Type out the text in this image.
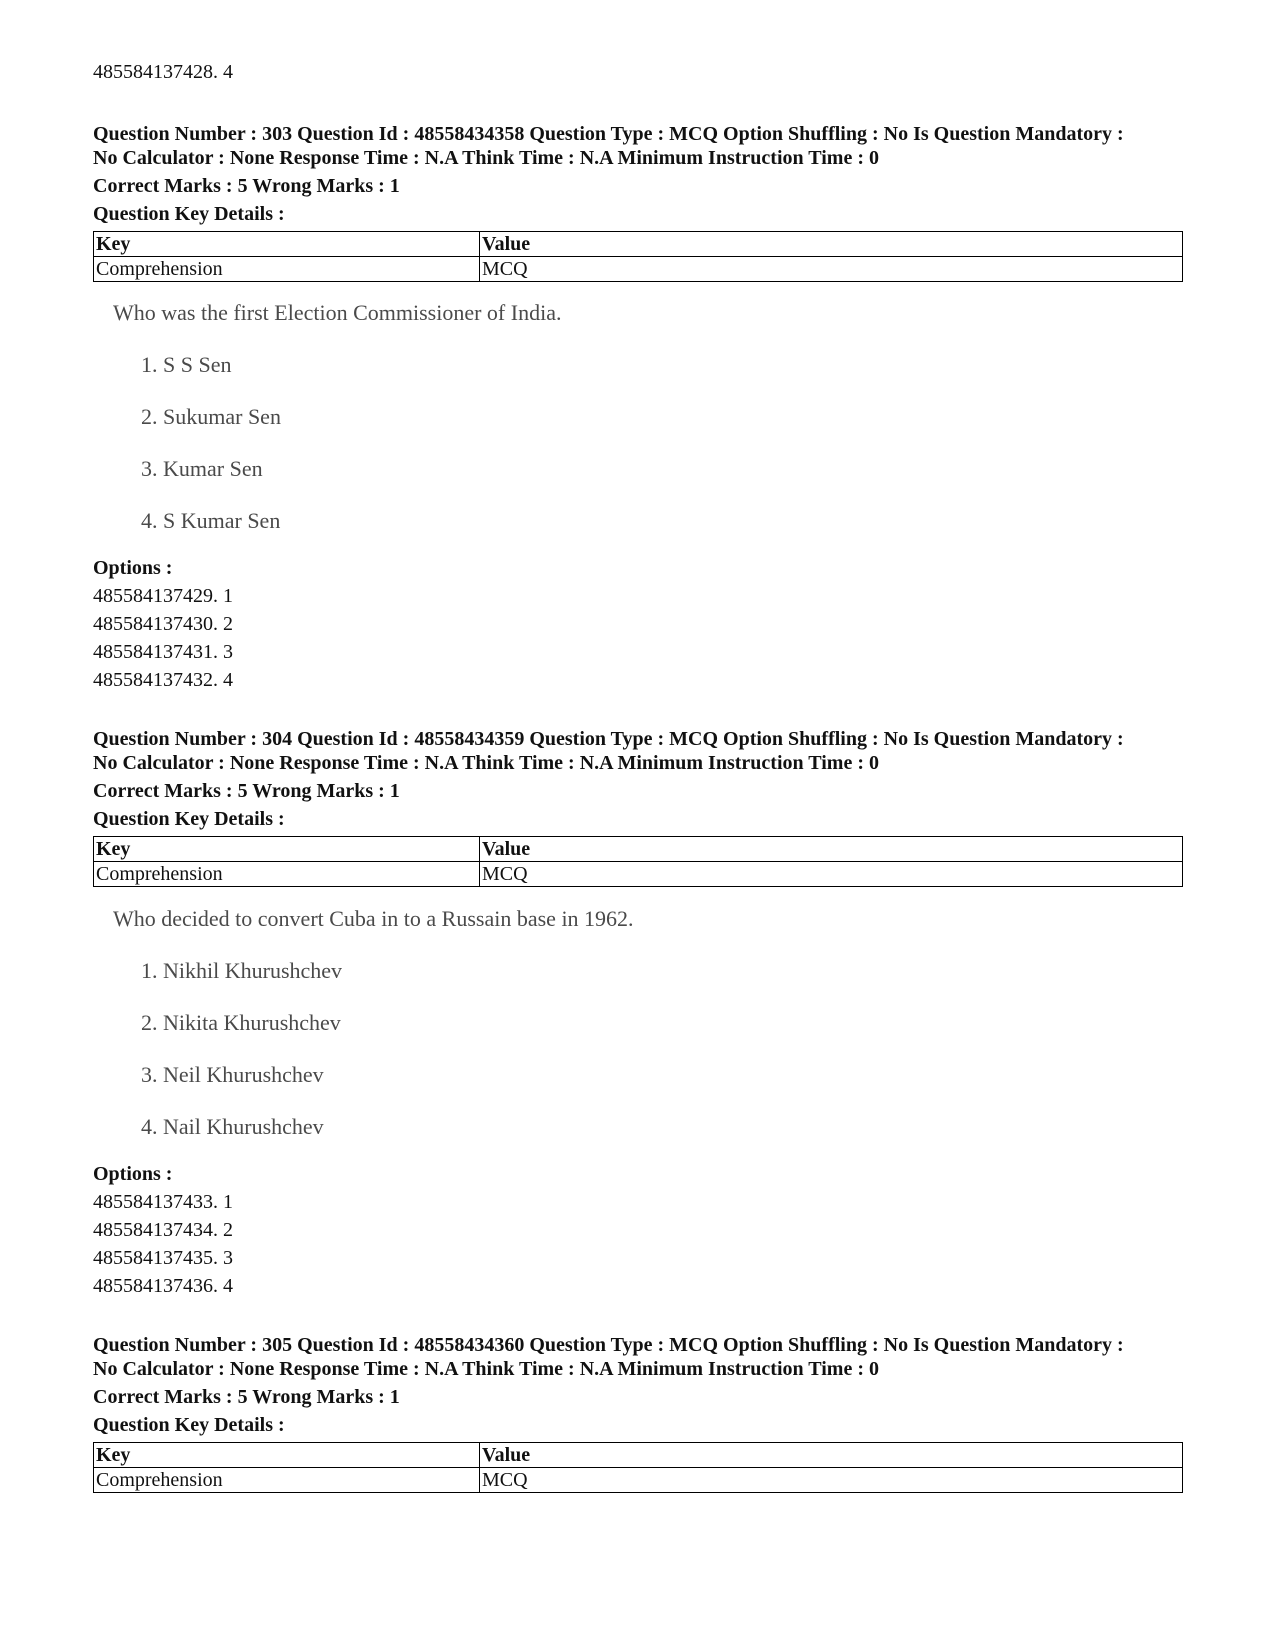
485584137428. 4
Question Number : 303 Question Id : 48558434358 Question Type : MCQ Option Shuffling : No Is Question Mandatory :
No Calculator : None Response Time : N.A Think Time : N.A Minimum Instruction Time : 0
Correct Marks : 5 Wrong Marks : 1
Question Key Details :
Key	Value
Comprehension	MCQ
Who was the first Election Commissioner of India.
1. S S Sen
2. Sukumar Sen
3. Kumar Sen
4. S Kumar Sen
Options :
485584137429. 1
485584137430. 2
485584137431. 3
485584137432. 4
Question Number : 304 Question Id : 48558434359 Question Type : MCQ Option Shuffling : No Is Question Mandatory :
No Calculator : None Response Time : N.A Think Time : N.A Minimum Instruction Time : 0
Correct Marks : 5 Wrong Marks : 1
Question Key Details :
Key	Value
Comprehension	MCQ
Who decided to convert Cuba in to a Russain base in 1962.
1. Nikhil Khurushchev
2. Nikita Khurushchev
3. Neil Khurushchev
4. Nail Khurushchev
Options :
485584137433. 1
485584137434. 2
485584137435. 3
485584137436. 4
Question Number : 305 Question Id : 48558434360 Question Type : MCQ Option Shuffling : No Is Question Mandatory :
No Calculator : None Response Time : N.A Think Time : N.A Minimum Instruction Time : 0
Correct Marks : 5 Wrong Marks : 1
Question Key Details :
Key	Value
Comprehension	MCQ
